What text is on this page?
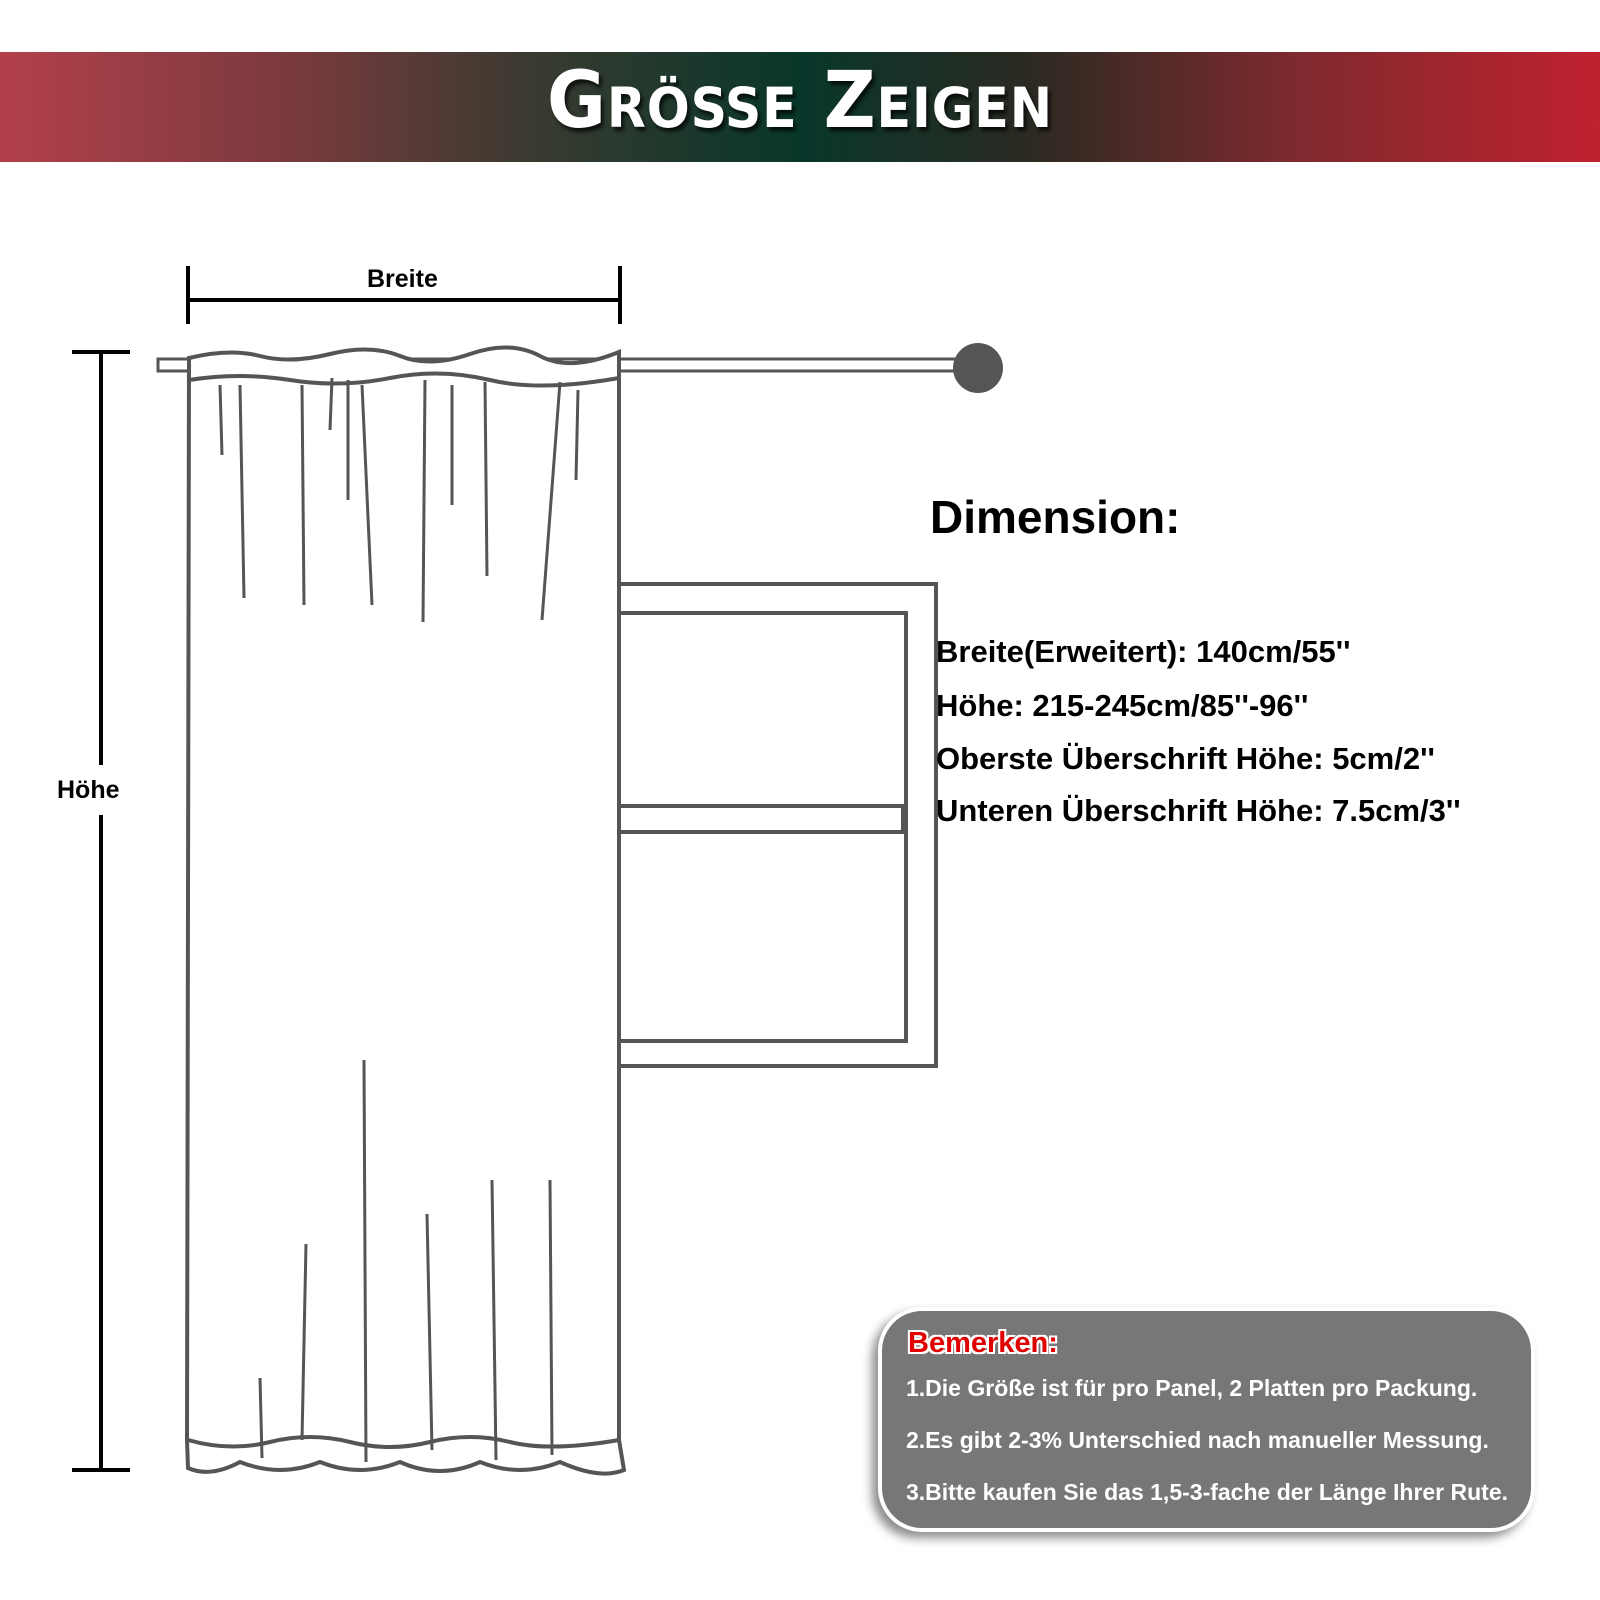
Größe Zeigen
Breite
Höhe
Dimension:
Breite(Erweitert): 140cm/55''
Höhe: 215-245cm/85''-96''
Oberste Überschrift Höhe: 5cm/2''
Unteren Überschrift Höhe: 7.5cm/3''
Bemerken:
1.Die Größe ist für pro Panel, 2 Platten pro Packung.
2.Es gibt 2-3% Unterschied nach manueller Messung.
3.Bitte kaufen Sie das 1,5-3-fache der Länge Ihrer Rute.
